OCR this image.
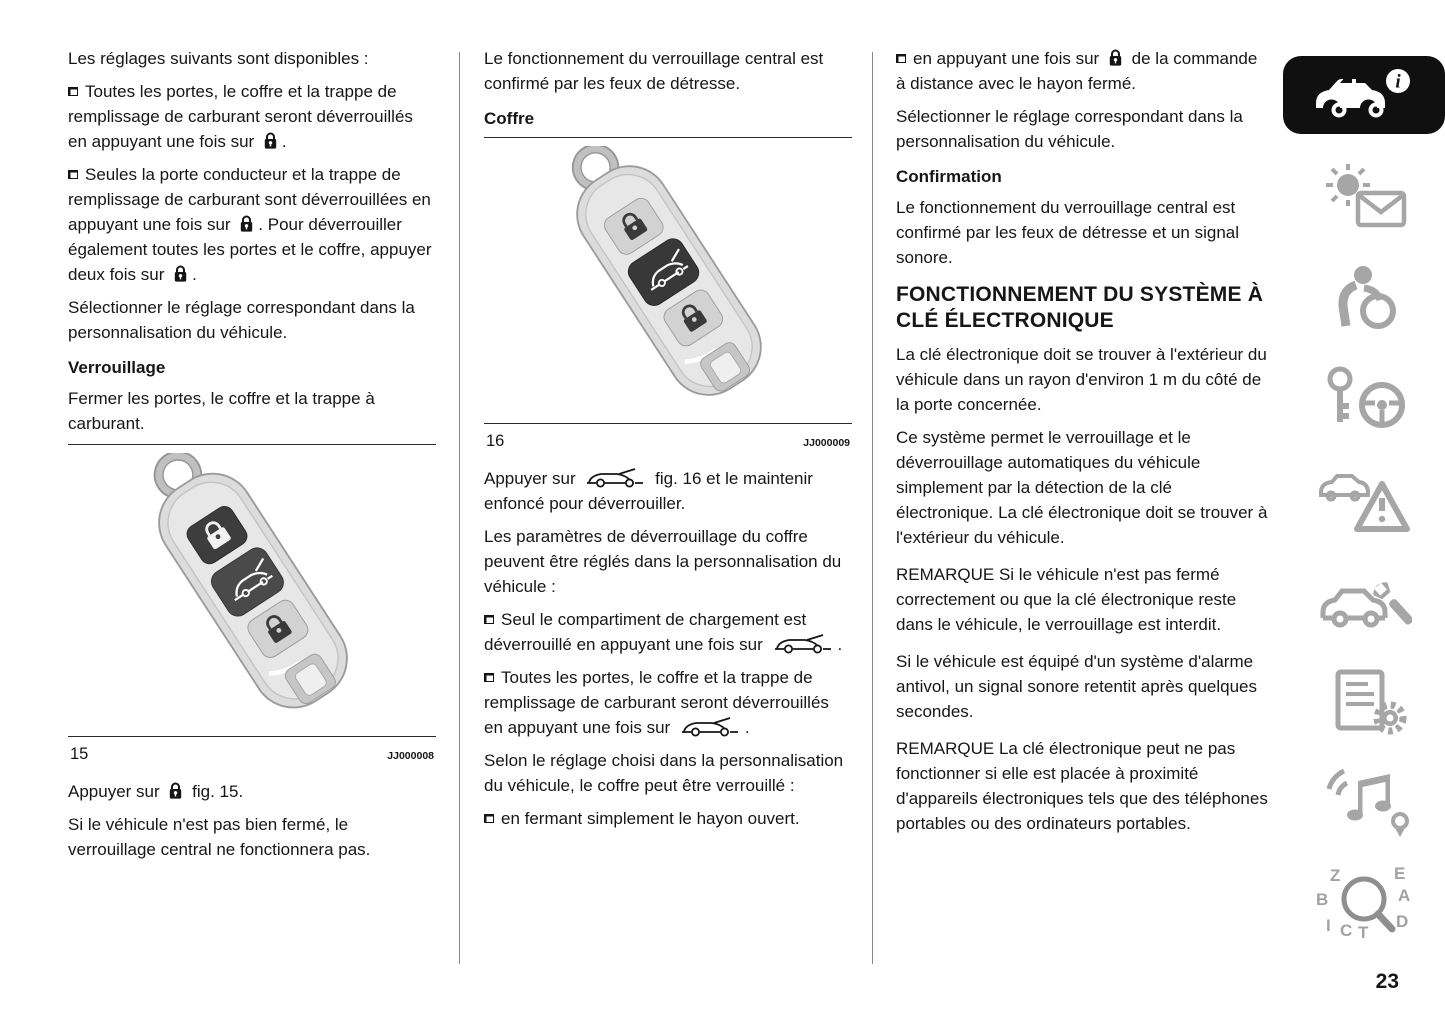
Les réglages suivants sont disponibles :

Toutes les portes, le coffre et la trappe de remplissage de carburant seront déverrouillés en appuyant une fois sur .

Seules la porte conducteur et la trappe de remplissage de carburant sont déverrouillées en appuyant une fois sur . Pour déverrouiller également toutes les portes et le coffre, appuyer deux fois sur .

Sélectionner le réglage correspondant dans la personnalisation du véhicule.

Verrouillage

Fermer les portes, le coffre et la trappe à carburant.

15	JJ000008

Appuyer sur fig. 15.

Si le véhicule n'est pas bien fermé, le verrouillage central ne fonctionnera pas.

Le fonctionnement du verrouillage central est confirmé par les feux de détresse.

Coffre
16	JJ000009

Appuyer sur	fig. 16 et le maintenir enfoncé pour déverrouiller.

Les paramètres de déverrouillage du coffre peuvent être réglés dans la personnalisation du véhicule :

Seul le compartiment de chargement est déverrouillé en appuyant une fois sur	.

Toutes les portes, le coffre et la trappe de remplissage de carburant seront déverrouillés en appuyant une fois sur	.

Selon le réglage choisi dans la personnalisation du véhicule, le coffre peut être verrouillé :

en fermant simplement le hayon ouvert.

en appuyant une fois sur de la commande à distance avec le hayon fermé.

Sélectionner le réglage correspondant dans la personnalisation du véhicule.

Confirmation

Le fonctionnement du verrouillage central est confirmé par les feux de détresse et un signal sonore.

FONCTIONNEMENT DU SYSTÈME À CLÉ ÉLECTRONIQUE

La clé électronique doit se trouver à l'extérieur du véhicule dans un rayon d'environ 1 m du côté de la porte concernée.

Ce système permet le verrouillage et le déverrouillage automatiques du véhicule simplement par la détection de la clé électronique. La clé électronique doit se trouver à l'extérieur du véhicule.

REMARQUE Si le véhicule n'est pas fermé correctement ou que la clé électronique reste dans le véhicule, le verrouillage est interdit.

Si le véhicule est équipé d'un système d'alarme antivol, un signal sonore retentit après quelques secondes.

REMARQUE La clé électronique peut ne pas fonctionner si elle est placée à proximité d'appareils électroniques tels que des téléphones portables ou des ordinateurs portables.

i
Z	E
B	A
I C T
D
23
